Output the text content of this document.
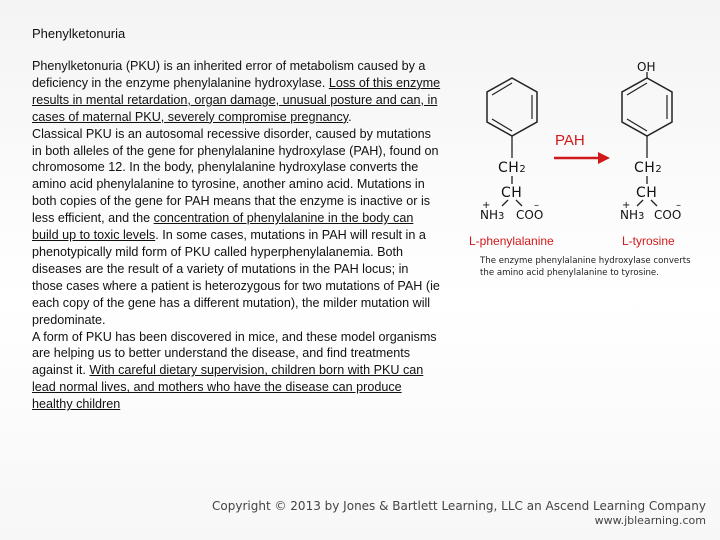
Phenylketonuria

Phenylketonuria (PKU) is an inherited error of metabolism caused by a deficiency in the enzyme phenylalanine hydroxylase. Loss of this enzyme results in mental retardation, organ damage, unusual posture and can, in cases of maternal PKU, severely compromise pregnancy.

Classical PKU is an autosomal recessive disorder, caused by mutations in both alleles of the gene for phenylalanine hydroxylase (PAH), found on chromosome 12. In the body, phenylalanine hydroxylase converts the amino acid phenylalanine to tyrosine, another amino acid. Mutations in both copies of the gene for PAH means that the enzyme is inactive or is less efficient, and the concentration of phenylalanine in the body can build up to toxic levels. In some cases, mutations in PAH will result in a phenotypically mild form of PKU called hyperphenylalanemia. Both diseases are the result of a variety of mutations in the PAH locus; in those cases where a patient is heterozygous for two mutations of PAH (ie each copy of the gene has a different mutation), the milder mutation will predominate.

A form of PKU has been discovered in mice, and these model organisms are helping us to better understand the disease, and find treatments against it. With careful dietary supervision, children born with PKU can lead normal lives, and mothers who have the disease can produce healthy children

OH
PAH
CH2
CH
+
NH3
–
COO
L-phenylalanine
CH2
CH
+
NH3
–
COO
L-tyrosine
The enzyme phenylalanine hydroxylase converts the amino acid phenylalanine to tyrosine.
Copyright © 2013 by Jones & Bartlett Learning, LLC an Ascend Learning Company
www.jblearning.com
